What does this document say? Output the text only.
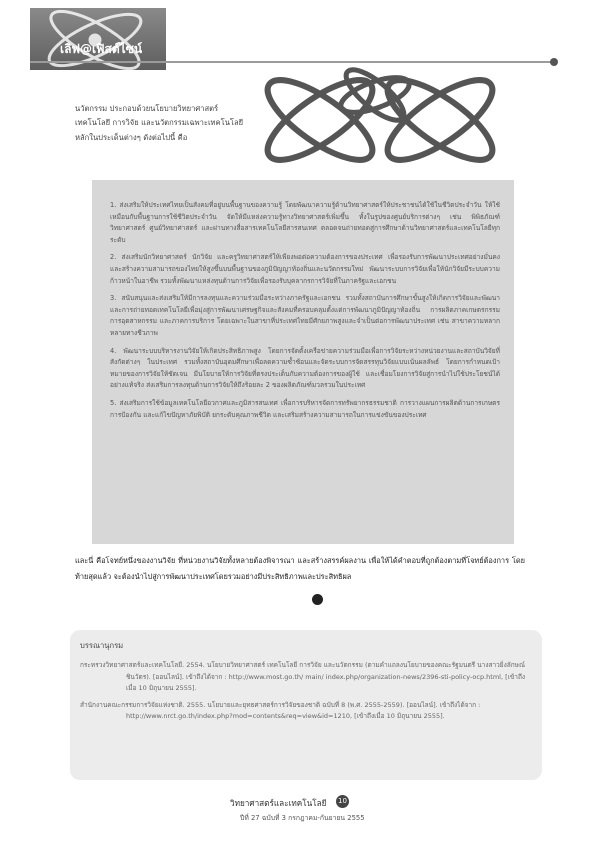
เลิฟ@เฟิสต์ไซน์
นวัตกรรม ประกอบด้วยนโยบายวิทยาศาสตร์ เทคโนโลยี การวิจัย และนวัตกรรมเฉพาะเทคโนโลยีหลักในประเด็นต่างๆ ดังต่อไปนี้ คือ

1. ส่งเสริมให้ประเทศไทยเป็นสังคมที่อยู่บนพื้นฐานของความรู้ โดยพัฒนาความรู้ด้านวิทยาศาสตร์ให้ประชาชนได้ใช้ในชีวิตประจำวัน ให้ใช้เหมือนกับพื้นฐานการใช้ชีวิตประจำวัน จัดให้มีแหล่งความรู้ทางวิทยาศาสตร์เพิ่มขึ้น ทั้งในรูปของศูนย์บริการต่างๆ เช่น พิพิธภัณฑ์วิทยาศาสตร์ ศูนย์วิทยาศาสตร์ และผ่านทางสื่อสารเทคโนโลยีสารสนเทศ ตลอดจนถ่ายทอดสู่การศึกษาด้านวิทยาศาสตร์และเทคโนโลยีทุกระดับ

2. ส่งเสริมนักวิทยาศาสตร์ นักวิจัย และครูวิทยาศาสตร์ให้เพียงพอต่อความต้องการของประเทศ เพื่อรองรับการพัฒนาประเทศอย่างมั่นคง และสร้างความสามารถของไทยให้สูงขึ้นบนพื้นฐานของภูมิปัญญาท้องถิ่นและนวัตกรรมใหม่ พัฒนาระบบการวิจัยเพื่อให้นักวิจัยมีระบบความก้าวหน้าในอาชีพ รวมทั้งพัฒนาแหล่งทุนด้านการวิจัยเพื่อรองรับบุคลากรการวิจัยที่ในภาครัฐและเอกชน

3. สนับสนุนและส่งเสริมให้มีการลงทุนและความร่วมมือระหว่างภาครัฐและเอกชน รวมทั้งสถาบันการศึกษาขั้นสูงให้เกิดการวิจัยและพัฒนา และการถ่ายทอดเทคโนโลยีเพื่อมุ่งสู่การพัฒนาเศรษฐกิจและสังคมที่ครอบคลุมตั้งแต่การพัฒนาภูมิปัญญาท้องถิ่น การผลิตภาคเกษตรกรรม การอุตสาหกรรม และภาคการบริการ โดยเฉพาะในสาขาที่ประเทศไทยมีศักยภาพสูงและจำเป็นต่อการพัฒนาประเทศ เช่น สาขาความหลากหลายทางชีวภาพ

4. พัฒนาระบบบริหารงานวิจัยให้เกิดประสิทธิภาพสูง โดยการจัดตั้งเครือข่ายความร่วมมือเพื่อการวิจัยระหว่างหน่วยงานและสถาบันวิจัยที่สังกัดต่างๆ ในประเทศ รวมทั้งสถาบันอุดมศึกษาเพื่อลดความซ้ำซ้อนและจัดระบบการจัดสรรทุนวิจัยแบบเน้นผลลัพธ์ โดยการกำหนดเป้าหมายของการวิจัยให้ชัดเจน มีนโยบายให้การวิจัยที่ตรงประเด็นกับความต้องการของผู้ใช้ และเชื่อมโยงการวิจัยสู่การนำไปใช้ประโยชน์ได้อย่างแท้จริง ส่งเสริมการลงทุนด้านการวิจัยให้ถึงร้อยละ 2 ของผลิตภัณฑ์มวลรวมในประเทศ

5. ส่งเสริมการใช้ข้อมูลเทคโนโลยีอวกาศและภูมิสารสนเทศ เพื่อการบริหารจัดการทรัพยากรธรรมชาติ การวางแผนการผลิตด้านการเกษตร การป้องกัน และแก้ไขปัญหาภัยพิบัติ ยกระดับคุณภาพชีวิต และเสริมสร้างความสามารถในการแข่งขันของประเทศ

และนี่ คือโจทย์หนึ่งของงานวิจัย ที่หน่วยงานวิจัยทั้งหลายต้องพิจารณา และสร้างสรรค์ผลงาน เพื่อให้ได้คำตอบที่ถูกต้องตามที่โจทย์ต้องการ โดยท้ายสุดแล้ว จะต้องนำไปสู่การพัฒนาประเทศโดยรวมอย่างมีประสิทธิภาพและประสิทธิผล
บรรณานุกรม

กระทรวงวิทยาศาสตร์และเทคโนโลยี. 2554. นโยบายวิทยาศาสตร์ เทคโนโลยี การวิจัย และนวัตกรรม (ตามคำแถลงนโยบายของคณะรัฐมนตรี นางสาวยิ่งลักษณ์ ชินวัตร). [ออนไลน์]. เข้าถึงได้จาก : http://www.most.go.th/ main/ index.php/organization-news/2396-sti-policy-ocp.html, [เข้าถึงเมื่อ 10 มิถุนายน 2555].

สำนักงานคณะกรรมการวิจัยแห่งชาติ. 2555. นโยบายและยุทธศาสตร์การวิจัยของชาติ ฉบับที่ 8 (พ.ศ. 2555-2559). [ออนไลน์]. เข้าถึงได้จาก : http://www.nrct.go.th/index.php?mod=contents&req=view&id=1210, [เข้าถึงเมื่อ 10 มิถุนายน 2555].

วิทยาศาสตร์และเทคโนโลยี 10
ปีที่ 27 ฉบับที่ 3 กรกฎาคม-กันยายน 2555
